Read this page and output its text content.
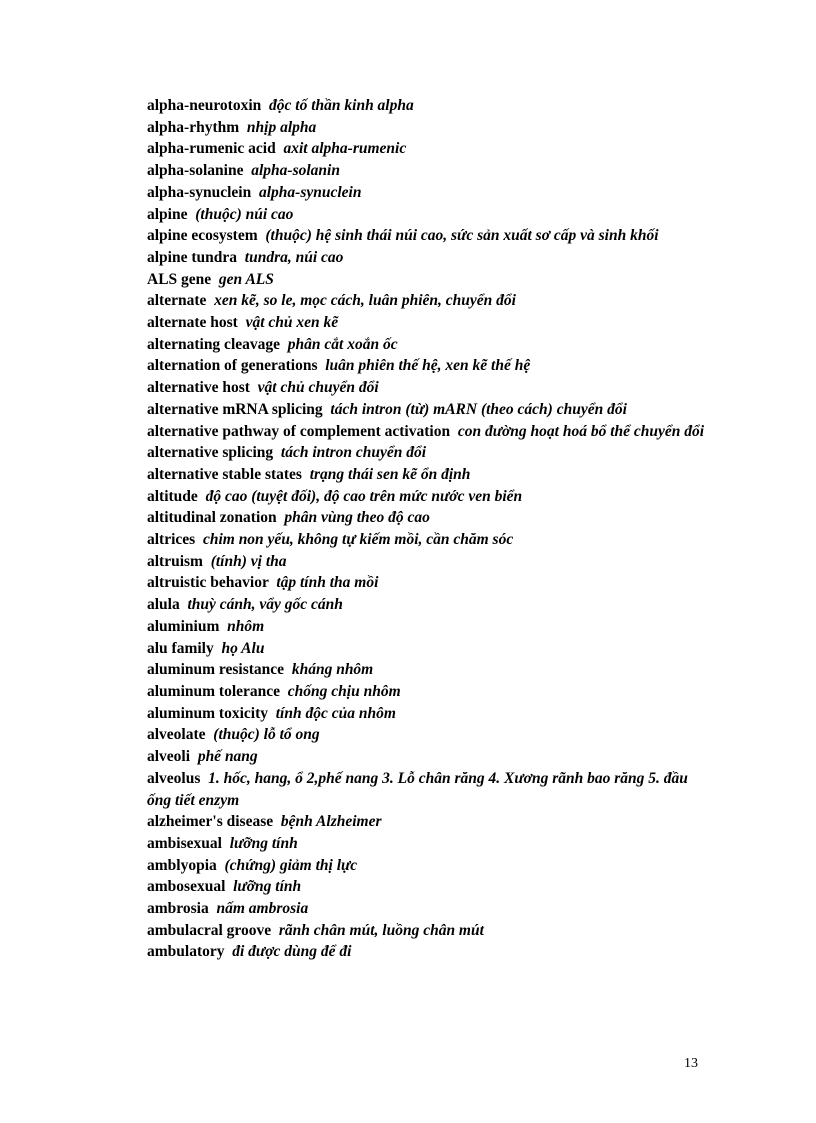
alpha-neurotoxin độc tố thần kinh alpha
alpha-rhythm nhịp alpha
alpha-rumenic acid axit alpha-rumenic
alpha-solanine alpha-solanin
alpha-synuclein alpha-synuclein
alpine (thuộc) núi cao
alpine ecosystem (thuộc) hệ sinh thái núi cao, sức sản xuất sơ cấp và sinh khối
alpine tundra tundra, núi cao
ALS gene gen ALS
alternate xen kẽ, so le, mọc cách, luân phiên, chuyển đổi
alternate host vật chủ xen kẽ
alternating cleavage phân cắt xoắn ốc
alternation of generations luân phiên thế hệ, xen kẽ thế hệ
alternative host vật chủ chuyển đổi
alternative mRNA splicing tách intron (từ) mARN (theo cách) chuyển đổi
alternative pathway of complement activation con đường hoạt hoá bổ thể chuyển đổi
alternative splicing tách intron chuyển đổi
alternative stable states trạng thái sen kẽ ổn định
altitude độ cao (tuyệt đối), độ cao trên mức nước ven biển
altitudinal zonation phân vùng theo độ cao
altrices chim non yếu, không tự kiếm mồi, cần chăm sóc
altruism (tính) vị tha
altruistic behavior tập tính tha mồi
alula thuỳ cánh, vẩy gốc cánh
aluminium nhôm
alu family họ Alu
aluminum resistance kháng nhôm
aluminum tolerance chống chịu nhôm
aluminum toxicity tính độc của nhôm
alveolate (thuộc) lỗ tổ ong
alveoli phế nang
alveolus 1. hốc, hang, ổ 2,phế nang 3. Lỗ chân răng 4. Xương rãnh bao răng 5. đầu ống tiết enzym
alzheimer's disease bệnh Alzheimer
ambisexual lưỡng tính
amblyopia (chứng) giảm thị lực
ambosexual lưỡng tính
ambrosia nấm ambrosia
ambulacral groove rãnh chân mút, luồng chân mút
ambulatory đi được dùng để đi
13
